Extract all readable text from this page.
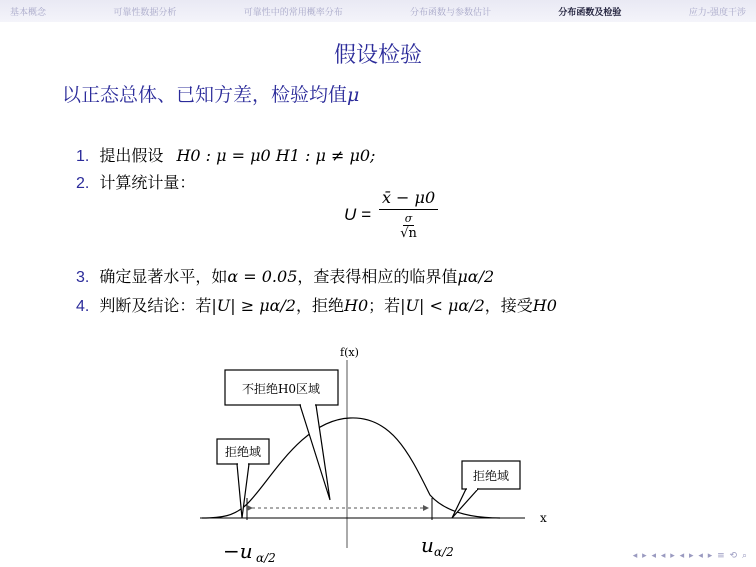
基本概念	可靠性数据分析	可靠性中的常用概率分布	分布函数与参数估计	分布函数及检验	应力-强度干涉
假设检验
以正态总体、已知方差，检验均值μ
1. 提出假设 H0 : μ = μ0 H1 : μ ≠ μ0;
2. 计算统计量：
$U = \frac{x̄ - \mu 0}{\frac{\sigma}{√n}}$
3. 确定显著水平，如α = 0.05，查表得相应的临界值μα/2
4. 判断及结论：若|U| ≥ μα/2，拒绝H0；若|U| < μα/2，接受H0
f(x)
x
不拒绝H0区域
拒绝域
拒绝域
−u α/2
u α/2	◂ ▸ ◂ ◂ ▸ ◂ ▸ ◂ ▸ ≡ ⟲ ⌕
